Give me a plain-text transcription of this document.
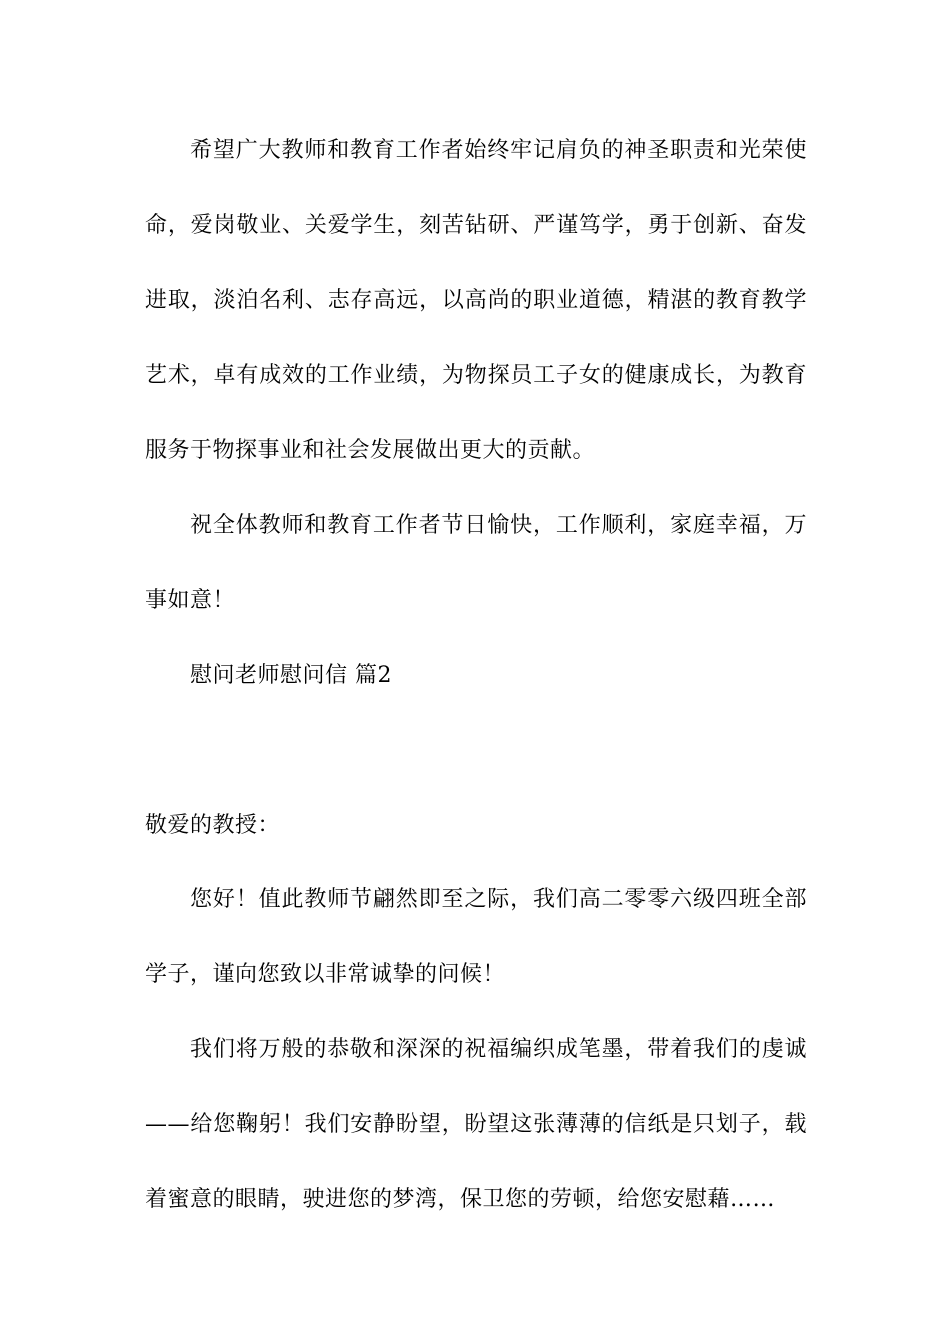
希望广大教师和教育工作者始终牢记肩负的神圣职责和光荣使
命，爱岗敬业、关爱学生，刻苦钻研、严谨笃学，勇于创新、奋发
进取，淡泊名利、志存高远，以高尚的职业道德，精湛的教育教学
艺术，卓有成效的工作业绩，为物探员工子女的健康成长，为教育
服务于物探事业和社会发展做出更大的贡献。
祝全体教师和教育工作者节日愉快，工作顺利，家庭幸福，万
事如意！
慰问老师慰问信 篇2
敬爱的教授：
您好！值此教师节翩然即至之际，我们高二零零六级四班全部
学子，谨向您致以非常诚挚的问候！
我们将万般的恭敬和深深的祝福编织成笔墨，带着我们的虔诚
——给您鞠躬！我们安静盼望，盼望这张薄薄的信纸是只划子，载
着蜜意的眼睛，驶进您的梦湾，保卫您的劳顿，给您安慰藉……
